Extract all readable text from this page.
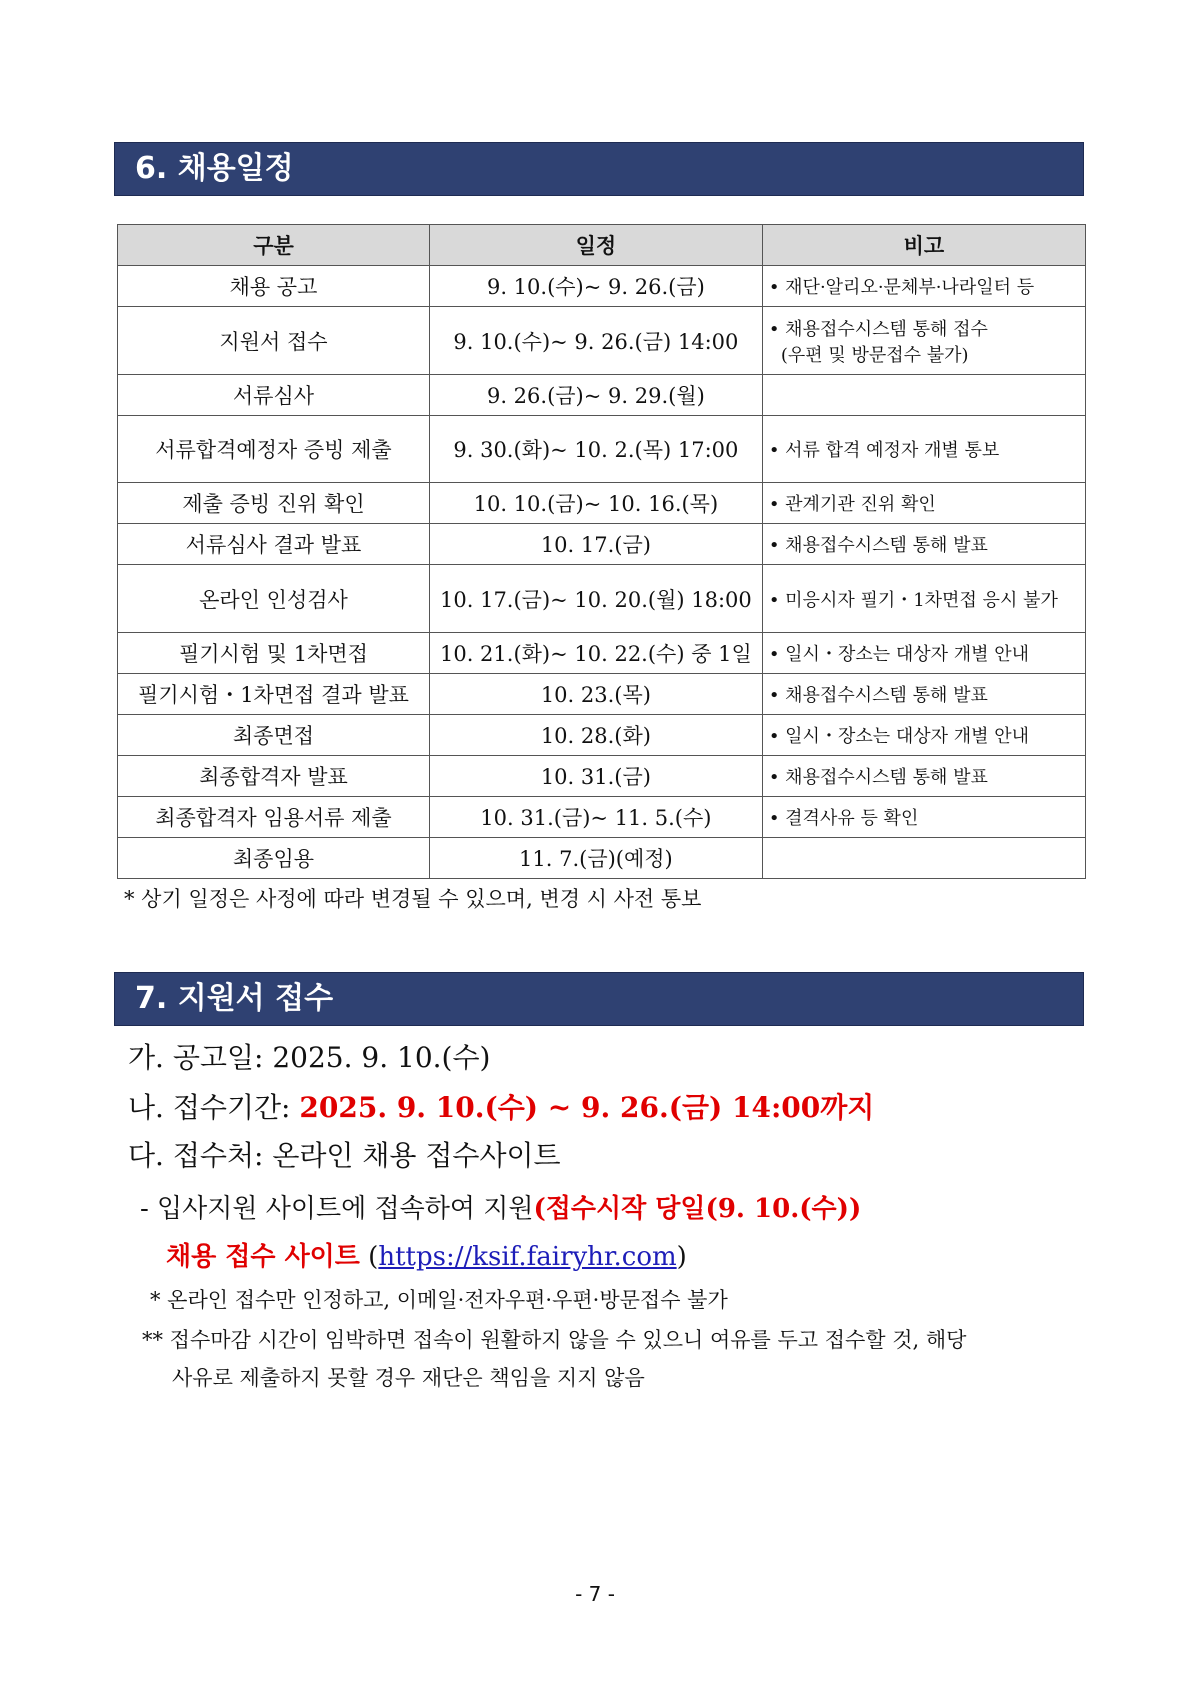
6. 채용일정
구분	일정	비고
채용 공고	9. 10.(수)~ 9. 26.(금)	• 재단·알리오·문체부·나라일터 등
지원서 접수	9. 10.(수)~ 9. 26.(금) 14:00	• 채용접수시스템 통해 접수
(우편 및 방문접수 불가)

서류심사	9. 26.(금)~ 9. 29.(월)	
서류합격예정자 증빙 제출	9. 30.(화)~ 10. 2.(목) 17:00	• 서류 합격 예정자 개별 통보
제출 증빙 진위 확인	10. 10.(금)~ 10. 16.(목)	• 관계기관 진위 확인
서류심사 결과 발표	10. 17.(금)	• 채용접수시스템 통해 발표
온라인 인성검사	10. 17.(금)~ 10. 20.(월) 18:00	• 미응시자 필기・1차면접 응시 불가
필기시험 및 1차면접	10. 21.(화)~ 10. 22.(수) 중 1일	• 일시・장소는 대상자 개별 안내
필기시험・1차면접 결과 발표	10. 23.(목)	• 채용접수시스템 통해 발표
최종면접	10. 28.(화)	• 일시・장소는 대상자 개별 안내
최종합격자 발표	10. 31.(금)	• 채용접수시스템 통해 발표
최종합격자 임용서류 제출	10. 31.(금)~ 11. 5.(수)	• 결격사유 등 확인
최종임용	11. 7.(금)(예정)	
* 상기 일정은 사정에 따라 변경될 수 있으며, 변경 시 사전 통보
7. 지원서 접수
가. 공고일: 2025. 9. 10.(수)
나. 접수기간: 2025. 9. 10.(수) ~ 9. 26.(금) 14:00까지
다. 접수처: 온라인 채용 접수사이트
- 입사지원 사이트에 접속하여 지원(접수시작 당일(9. 10.(수))
채용 접수 사이트 (https://ksif.fairyhr.com)
* 온라인 접수만 인정하고, 이메일·전자우편·우편·방문접수 불가
** 접수마감 시간이 임박하면 접속이 원활하지 않을 수 있으니 여유를 두고 접수할 것, 해당
사유로 제출하지 못할 경우 재단은 책임을 지지 않음
- 7 -
